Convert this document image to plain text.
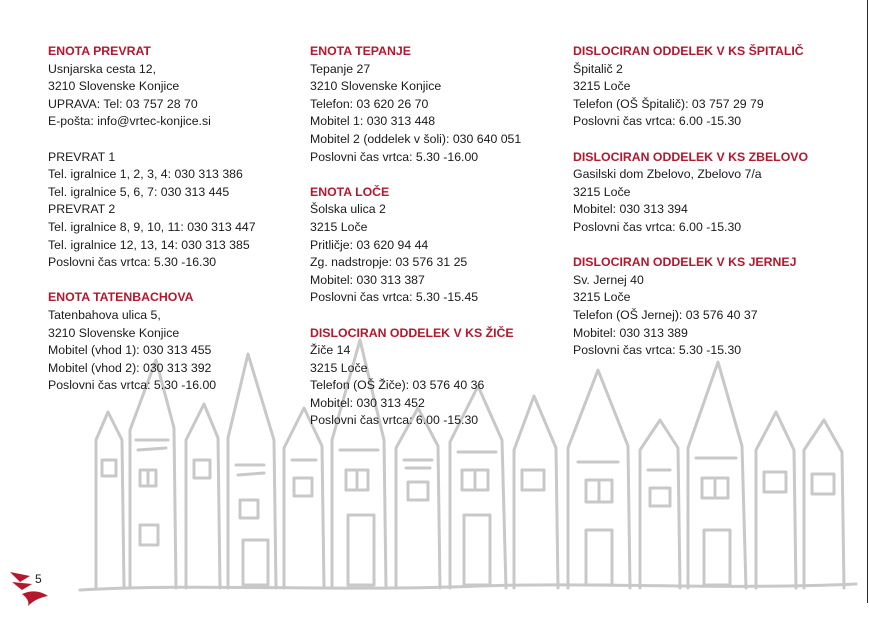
ENOTA PREVRAT
Usnjarska cesta 12,
3210 Slovenske Konjice
UPRAVA: Tel: 03 757 28 70
E-pošta: info@vrtec-konjice.si
PREVRAT 1
Tel. igralnice 1, 2, 3, 4: 030 313 386
Tel. igralnice 5, 6, 7: 030 313 445
PREVRAT 2
Tel. igralnice 8, 9, 10, 11: 030 313 447
Tel. igralnice 12, 13, 14: 030 313 385
Poslovni čas vrtca: 5.30 -16.30
ENOTA TATENBACHOVA
Tatenbahova ulica 5,
3210 Slovenske Konjice
Mobitel (vhod 1): 030 313 455
Mobitel (vhod 2): 030 313 392
Poslovni čas vrtca: 5.30 -16.00
ENOTA TEPANJE
Tepanje 27
3210 Slovenske Konjice
Telefon: 03 620 26 70
Mobitel 1: 030 313 448
Mobitel 2 (oddelek v šoli): 030 640 051
Poslovni čas vrtca: 5.30 -16.00
ENOTA LOČE
Šolska ulica 2
3215 Loče
Pritličje: 03 620 94 44
Zg. nadstropje: 03 576 31 25
Mobitel: 030 313 387
Poslovni čas vrtca: 5.30 -15.45
DISLOCIRAN ODDELEK V KS ŽIČE
Žiče 14
3215 Loče
Telefon (OŠ Žiče): 03 576 40 36
Mobitel: 030 313 452
Poslovni čas vrtca: 6.00 -15.30
DISLOCIRAN ODDELEK V KS ŠPITALIČ
Špitalič 2
3215 Loče
Telefon (OŠ Špitalič): 03 757 29 79
Poslovni čas vrtca: 6.00 -15.30
DISLOCIRAN ODDELEK V KS ZBELOVO
Gasilski dom Zbelovo, Zbelovo 7/a
3215 Loče
Mobitel: 030 313 394
Poslovni čas vrtca: 6.00 -15.30
DISLOCIRAN ODDELEK V KS JERNEJ
Sv. Jernej 40
3215 Loče
Telefon (OŠ Jernej): 03 576 40 37
Mobitel: 030 313 389
Poslovni čas vrtca: 5.30 -15.30
5
